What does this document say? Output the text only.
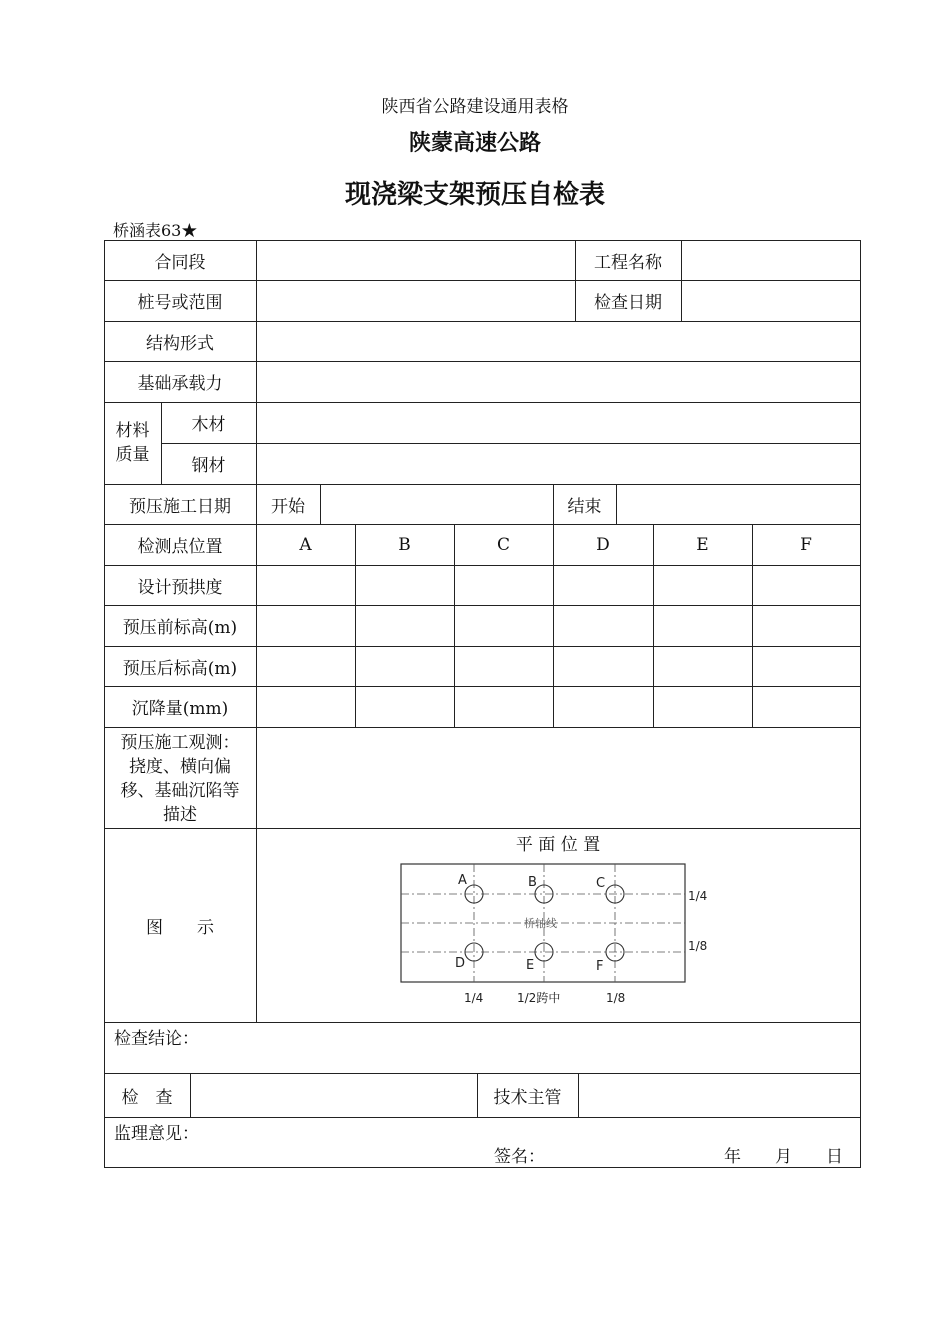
陕西省公路建设通用表格
陕蒙高速公路
现浇梁支架预压自检表
桥涵表63★
合同段	工程名称
桩号或范围	检查日期
结构形式
基础承载力
材料
质量
木材
钢材
预压施工日期	开始	结束
检测点位置	A	B	C	D	E	F
设计预拱度
预压前标高(m)
预压后标高(m)
沉降量(mm)
预压施工观测：
挠度、横向偏
移、基础沉陷等
描述
图　　示
平 面 位 置
A	B	C
D	E	F
桥轴线
1/4
1/8
1/4	1/2跨中	1/8
检查结论：
检　查	技术主管
监理意见：
签名：	年　　月　　日
